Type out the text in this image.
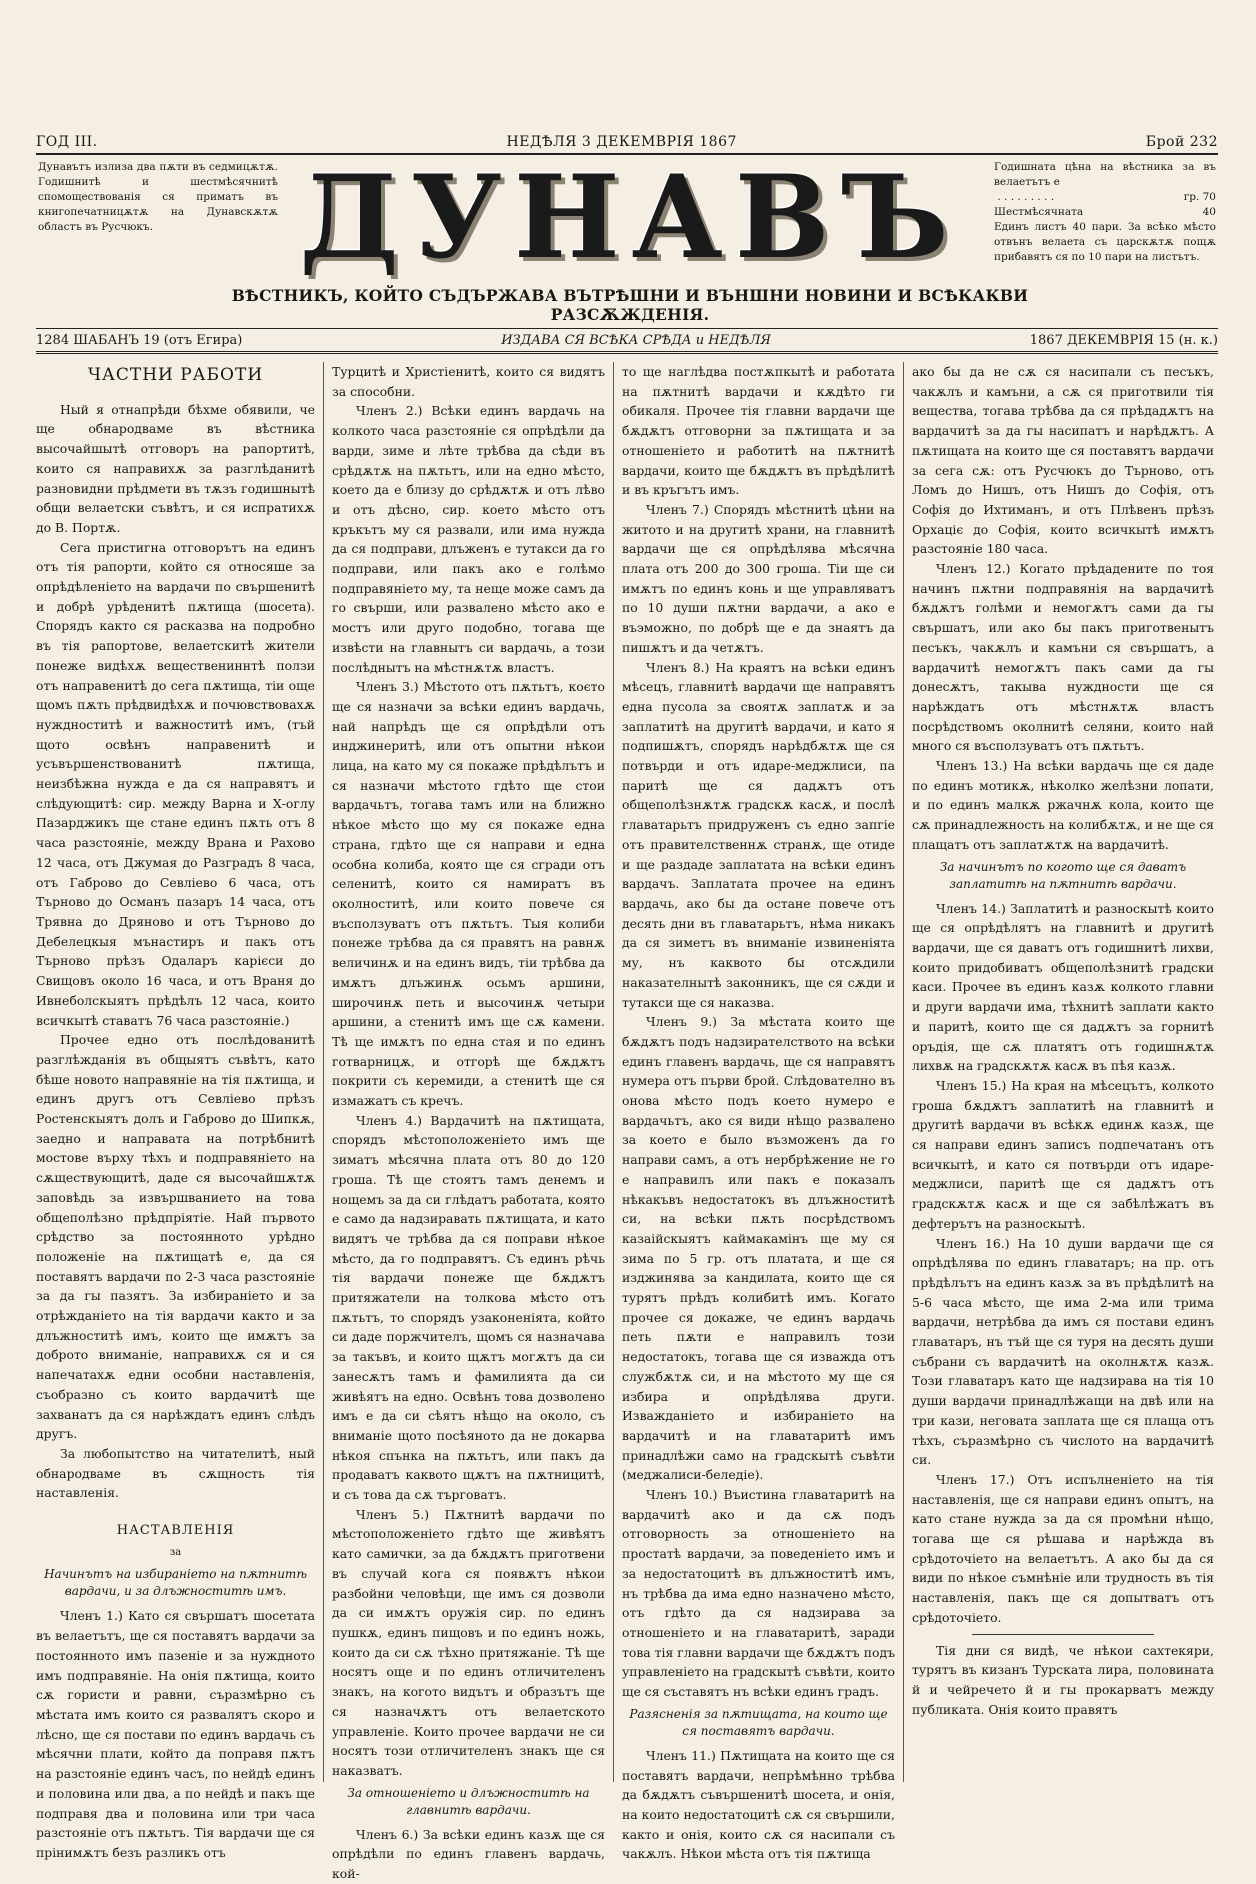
ГОД III.	НЕДѢЛЯ 3 ДЕКЕМВРІЯ 1867	Брой 232
Дунавътъ излиза два пѫти въ седмицѫтѫ. Годишнитѣ и шестмѣсячнитѣ спомоществованія ся приматъ въ книгопечатницѫтѫ на Дунавскѫтѫ областъ въ Русчюкъ.	ДУНАВЪ	Годишната цѣна на вѣстника за въ велаетътъ е
. . . . . . . . .	гр. 70
Шестмѣсячната	40
Единъ листъ 40 пари. За всѣко мѣсто отвънъ велаета съ царскѫтѫ пощѫ прибавятъ ся по 10 пари на листътъ.
ВѢСТНИКЪ, КОЙТО СЪДЪРЖАВА ВЪТРѢШНИ И ВЪНШНИ НОВИНИ И ВСѢКАКВИ РАЗСѪЖДЕНІЯ.
1284 ШАБАНЪ 19 (отъ Егира)	ИЗДАВА СЯ ВСѢКА СРѢДА и НЕДѢЛЯ	1867 ДЕКЕМВРІЯ 15 (н. к.)
ЧАСТНИ РАБОТИ

Ный я отнапрѣди бѣхме обявили, че ще обнародваме въ вѣстника высочайшытѣ отговоръ на рапортитѣ, които ся направихѫ за разглѣданитѣ разновидни прѣдмети въ тѫзъ годишнытѣ общи велаетски съвѣтъ, и ся испратихѫ до В. Портѫ.

Сега пристигна отговорътъ на единъ отъ тія рапорти, който ся относяше за опрѣдѣленіето на вардачи по свършенитѣ и добрѣ урѣденитѣ пѫтища (шосета). Спорядъ както ся расказва на подробно въ тія рапортове, велаетскитѣ жители понеже видѣхѫ веществениннтѣ ползи отъ направенитѣ до сега пѫтища, тіи още щомъ пѫть прѣдвидѣхѫ и почювствовахѫ нуждноститѣ и важноститѣ имъ, (тъй щото освѣнъ направенитѣ и усъвършенствованитѣ пѫтища, неизбѣжна нужда е да ся направятъ и слѣдующитѣ: сир. между Варна и Х-оглу Пазарджикъ ще стане единъ пѫть отъ 8 часа разстояніе, между Врана и Рахово 12 часа, отъ Джумая до Разградъ 8 часа, отъ Габрово до Севліево 6 часа, отъ Търново до Османъ пазаръ 14 часа, отъ Трявна до Дряново и отъ Търново до Дебелецкыя мънастиръ и пакъ отъ Търново прѣзъ Одаларъ карієси до Свищовъ около 16 часа, и отъ Враня до Ивнеболскыятъ прѣдѣлъ 12 часа, които всичкытѣ ставатъ 76 часа разстояніе.)

Прочее едно отъ послѣдованитѣ разглѣжданія въ общыятъ съвѣтъ, като бѣше новото направяніе на тія пѫтища, и единъ другъ отъ Севліево прѣзъ Ростенскыятъ долъ и Габрово до Шипкѫ, заедно и направата на потрѣбнитѣ мостове върху тѣхъ и подправяніето на сѫществующитѣ, даде ся высочайшѫтѫ заповѣдь за извършванието на това общеполѣзно прѣдпріятіе. Най първото срѣдство за постоянното урѣдно положеніе на пѫтищатѣ е, да ся поставятъ вардачи по 2-3 часа разстояніе за да гы пазятъ. За избираніето и за отрѣжданіето на тія вардачи както и за длъжноститѣ имъ, които ще имѫтъ за доброто вниманіе, направихѫ ся и ся напечатахѫ едни особни наставленія, съобразно съ които вардачитѣ ще захванатъ да ся нарѣждатъ единъ слѣдъ другъ.

За любопытство на читателитѣ, ный обнародваме въ сѫщность тія наставленія.

НАСТАВЛЕНІЯ

за

Начинътъ на избираніето на пѫтнитѣ вардачи, и за длъжноститѣ имъ.

Членъ 1.) Като ся свършатъ шосетата въ велаетътъ, ще ся поставятъ вардачи за постоянното имъ пазеніе и за нуждното имъ подправяніе. На онія пѫтища, които сѫ гористи и равни, съразмѣрно съ мѣстата имъ които ся развалятъ скоро и лѣсно, ще ся постави по единъ вардачь съ мѣсячни плати, който да поправя пѫтъ на разстояніе единъ часъ, по нейдѣ единъ и половина или два, а по нейдѣ и пакъ ще подправя два и половина или три часа разстояніе отъ пѫтьтъ. Тія вардачи ще ся прінимѫтъ безъ разликъ отъ

Турцитѣ и Христіенитѣ, които ся видятъ за способни.

Членъ 2.) Всѣки единъ вардачь на колкото часа разстояніе ся опрѣдѣли да варди, зиме и лѣте трѣбва да сѣди въ срѣдѫтѫ на пѫтьтъ, или на едно мѣсто, което да е близу до срѣдѫтѫ и отъ лѣво и отъ дѣсно, сир. което мѣсто отъ кръкътъ му ся развали, или има нужда да ся подправи, длъженъ е тутакси да го подправи, или пакъ ако е голѣмо подправяніето му, та неще може самъ да го свърши, или развалено мѣсто ако е мостъ или друго подобно, тогава ще извѣсти на главнытъ си вардачь, а този послѣднытъ на мѣстнѫтѫ властъ.

Членъ 3.) Мѣстото отъ пѫтьтъ, коєто ще ся назначи за всѣки единъ вардачь, най напрѣдъ ще ся опрѣдѣли отъ инджинеритѣ, или отъ опытни нѣкои лица, на като му ся покаже прѣдѣлътъ и ся назначи мѣстото гдѣто ще стои вардачьтъ, тогава тамъ или на ближно нѣкое мѣсто що му ся покаже една страна, гдѣто ще ся направи и една особна колиба, която ще ся сгради отъ селенитѣ, които ся намиратъ въ околноститѣ, или които повече ся въсползуватъ отъ пѫтьтъ. Тыя колиби понеже трѣбва да ся правятъ на равнѫ величинѫ и на единъ видъ, тіи трѣбва да имѫтъ длъжинѫ осьмъ аршини, широчинѫ петь и высочинѫ четыри аршини, а стенитѣ имъ ще сѫ камени. Тѣ ще имѫтъ по една стая и по единъ готварницѫ, и отгорѣ ще бѫдѫтъ покрити съ керемиди, а стенитѣ ще ся измажатъ съ кречъ.

Членъ 4.) Вардачитѣ на пѫтищата, спорядъ мѣстоположеніето имъ ще зиматъ мѣсячна плата отъ 80 до 120 гроша. Тѣ ще стоятъ тамъ денемъ и нощемъ за да си глѣдатъ работата, която е само да надзиравать пѫтищата, и като видятъ че трѣбва да ся поправи нѣкое мѣсто, да го подправятъ. Съ единъ рѣчь тія вардачи понеже ще бѫдѫтъ притяжатели на толкова мѣсто отъ пѫтьтъ, то спорядъ узаконеніята, който си даде поржчителъ, щомъ ся назначава за такъвъ, и които щѫтъ могѫтъ да си занесѫтъ тамъ и фамилията да си живѣятъ на едно. Освѣнъ това дозволено имъ е да си сѣятъ нѣщо на около, съ вниманіе щото посѣяното да не докарва нѣкоя спънка на пѫтьтъ, или пакъ да продаватъ каквото щѫтъ на пѫтницитѣ, и съ това да сѫ търговатъ.

Членъ 5.) Пѫтнитѣ вардачи по мѣстоположеніето гдѣто ще живѣятъ като самички, за да бѫдѫтъ приготвени въ случай кога ся появѫтъ нѣкои разбойни человѣци, ще имъ ся дозволи да си имѫтъ оружія сир. по единъ пушкѫ, единъ пищовъ и по единъ ножь, които да си сѫ тѣхно притяжаніе. Тѣ ще носятъ още и по единъ отличителенъ знакъ, на когото видътъ и образътъ ще ся назначѫтъ отъ велаетското управленіе. Които прочее вардачи не си носятъ този отличителенъ знакъ ще ся наказватъ.

За отношеніето и длъжноститѣ на главнитѣ вардачи.

Членъ 6.) За всѣки единъ казѫ ще ся опрѣдѣли по единъ главенъ вардачь, кой-

то ще наглѣдва постѫпкытѣ и работата на пѫтнитѣ вардачи и кѫдѣто ги обикаля. Прочее тія главни вардачи ще бѫдѫтъ отговорни за пѫтищата и за отношеніето и работитѣ на пѫтнитѣ вардачи, които ще бѫдѫтъ въ прѣдѣлитѣ и въ кръгътъ имъ.

Членъ 7.) Спорядъ мѣстнитѣ цѣни на житото и на другитѣ храни, на главнитѣ вардачи ще ся опрѣдѣлява мѣсячна плата отъ 200 до 300 гроша. Тіи ще си имѫтъ по единъ конь и ще управляватъ по 10 души пѫтни вардачи, а ако е въэможно, по добрѣ ще е да знаятъ да пишѫтъ и да четѫтъ.

Членъ 8.) На краятъ на всѣки единъ мѣсецъ, главнитѣ вардачи ще направятъ една пусола за своятѫ заплатѫ и за заплатитѣ на другитѣ вардачи, и като я подпишѫтъ, спорядъ нарѣдбѫтѫ ще ся потвърди и отъ идаре-меджлиси, па паритѣ ще ся дадѫтъ отъ общеполѣзнѫтѫ градскѫ касѫ, и послѣ главатарьтъ придруженъ съ едно запгіе отъ правителственнѫ странѫ, ще отиде и ще раздаде заплатата на всѣки единъ вардачъ. Заплатата прочее на единъ вардачь, ако бы да остане повече отъ десять дни въ главатарьтъ, нѣма никакъ да ся зиметъ въ вниманіе извиненіята му, нъ каквото бы отсѫдили наказателнытѣ законникъ, ще ся сѫди и тутакси ще ся наказва.

Членъ 9.) За мѣстата които ще бѫдѫтъ подъ надзирателството на всѣки единъ главенъ вардачь, ще ся направятъ нумера отъ първи брой. Слѣдователно въ онова мѣсто подъ което нумеро е вардачьтъ, ако ся види нѣщо развалено за което е было възможенъ да го направи самъ, а отъ нербрѣжение не го е направилъ или пакъ е показалъ нѣкакъвъ недостатокъ въ длъжноститѣ си, на всѣки пѫть посрѣдствомъ казаійскыятъ каймакамінъ ще му ся зима по 5 гр. отъ платата, и ще ся изджинява за кандилата, които ще ся турятъ прѣдъ колибитѣ имъ. Когато прочее ся докаже, че единъ вардачь петь пѫти е направилъ този недостатокъ, тогава ще ся изважда отъ службѫтѫ си, и на мѣстото му ще ся избира и опрѣдѣлява други. Изважданіето и избираніето на вардачитѣ и на главатаритѣ имъ принадлѣжи само на градскытѣ съвѣти (меджалиси-беледіе).

Членъ 10.) Въистина главатаритѣ на вардачитѣ ако и да сѫ подъ отговорность за отношеніето на простатѣ вардачи, за поведеніето имъ и за недостатоцитѣ въ длъжноститѣ имъ, нъ трѣбва да има едно назначено мѣсто, отъ гдѣто да ся надзирава за отношеніето и на главатаритѣ, заради това тія главни вардачи ще бѫдѫтъ подъ управленіето на градскытѣ съвѣти, които ще ся съставятъ нъ всѣки единъ градъ.

Разясненія за пѫтищата, на които ще ся поставятъ вардачи.

Членъ 11.) Пѫтищата на които ще ся поставятъ вардачи, непрѣмѣнно трѣбва да бѫдѫтъ съвършенитѣ шосета, и онія, на които недостатоцитѣ сѫ ся свършили, както и онія, които сѫ ся насипали съ чакѫлъ. Нѣкои мѣста отъ тія пѫтища

ако бы да не сѫ ся насипали съ песъкъ, чакѫлъ и камъни, а сѫ ся приготвили тія вещества, тогава трѣбва да ся прѣдадѫтъ на вардачитѣ за да гы насипатъ и нарѣдѫтъ. А пѫтищата на които ще ся поставятъ вардачи за сега сѫ: отъ Русчюкъ до Търново, отъ Ломъ до Нишъ, отъ Нишъ до Софія, отъ Софія до Ихтиманъ, и отъ Плѣвенъ прѣзъ Орхаціє до Софія, които всичкытѣ имѫтъ разстояніе 180 часа.

Членъ 12.) Когато прѣдадените по тоя начинъ пѫтни подправянія на вардачитѣ бѫдѫтъ голѣми и немогѫтъ сами да гы свършатъ, или ако бы пакъ приготвенытъ песъкъ, чакѫлъ и камъни ся свършатъ, а вардачитѣ немогѫтъ пакъ сами да гы донесѫтъ, такыва нуждности ще ся нарѣждатъ отъ мѣстнѫтѫ властъ посрѣдствомъ околнитѣ селяни, които най много ся въсползуватъ отъ пѫтьтъ.

Членъ 13.) На всѣки вардачь ще ся даде по единъ мотикѫ, нѣколко желѣзни лопати, и по единъ малкѫ ржачнѫ кола, които ще сѫ принадлежность на колибѫтѫ, и не ще ся плащатъ отъ заплатѫтѫ на вардачитѣ.

За начинътъ по когото ще ся даватъ заплатитѣ на пѫтнитѣ вардачи.

Членъ 14.) Заплатитѣ и разноскытѣ които ще ся опрѣдѣлятъ на главнитѣ и другитѣ вардачи, ще ся даватъ отъ годишнитѣ лихви, които придобиватъ общеполѣзнитѣ градски каси. Прочее въ единъ казѫ колкото главни и други вардачи има, тѣхнитѣ заплати както и паритѣ, които ще ся дадѫтъ за горнитѣ оръдія, ще сѫ платятъ отъ годишнѫтѫ лихвѫ на градскѫтѫ касѫ въ пѣя казѫ.

Членъ 15.) На края на мѣсецътъ, колкото гроша бѫдѫтъ заплатитѣ на главнитѣ и другитѣ вардачи въ всѣкѫ единѫ казѫ, ще ся направи единъ записъ подпечатанъ отъ всичкытѣ, и като ся потвърди отъ идаре-меджлиси, паритѣ ще ся дадѫтъ отъ градскѫтѫ касѫ и ще ся забѣлѣжатъ въ дефтерътъ на разноскытѣ.

Членъ 16.) На 10 души вардачи ще ся опрѣдѣлява по единъ главатаръ; на пр. отъ прѣдѣлътъ на единъ казѫ за въ прѣдѣлитѣ на 5-6 часа мѣсто, ще има 2-ма или трима вардачи, нетрѣбва да имъ ся постави единъ главатаръ, нъ тъй ще ся туря на десять души събрани съ вардачитѣ на околнѫтѫ казѫ. Този главатаръ като ще надзирава на тія 10 души вардачи принадлѣжащи на двѣ или на три кази, неговата заплата ще ся плаща отъ тѣхъ, съразмѣрно съ числото на вардачитѣ си.

Членъ 17.) Отъ испълненіето на тія наставленія, ще ся направи единъ опытъ, на като стане нужда за да ся промѣни нѣщо, тогава ще ся рѣшава и нарѣжда въ срѣдоточіето на велаетътъ. А ако бы да ся види по нѣкое съмнѣніе или трудность въ тія наставленія, пакъ ще ся допытватъ отъ срѣдоточіето.

Тія дни ся видѣ, че нѣкои сахтекяри, турятъ въ кизанъ Турската лира, половината й и чейречето й и гы прокарватъ между публиката. Онія които правятъ
